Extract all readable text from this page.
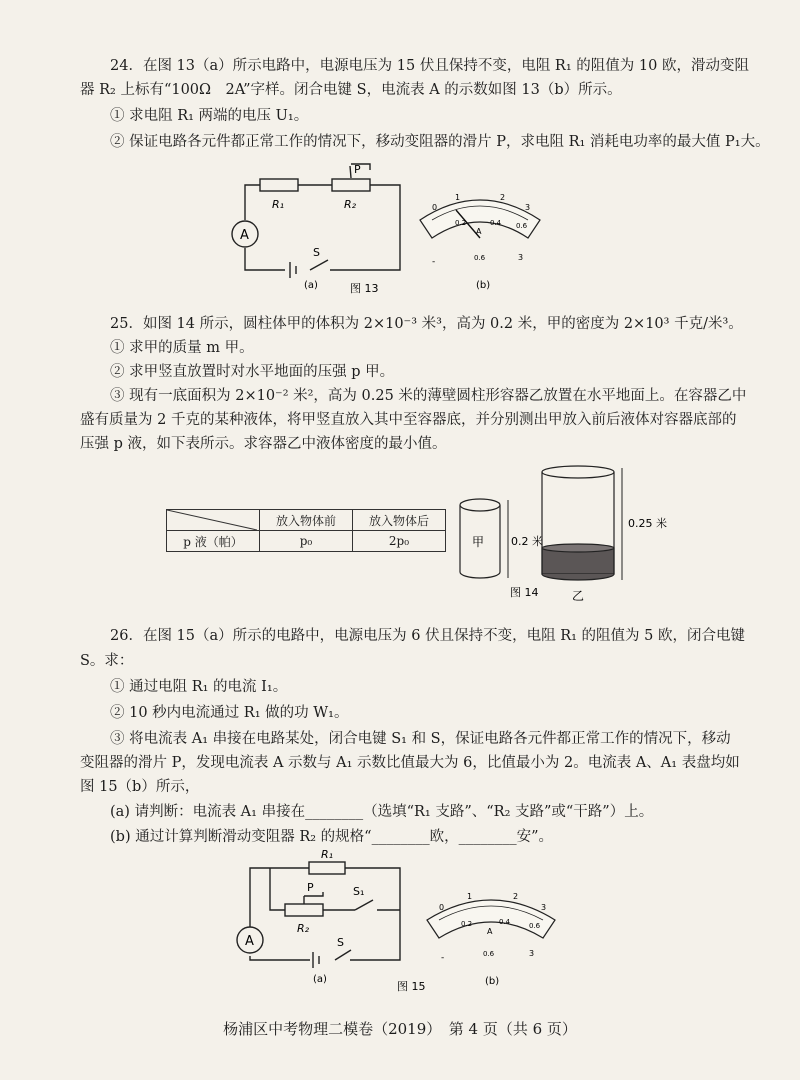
24．在图 13（a）所示电路中，电源电压为 15 伏且保持不变，电阻 R₁ 的阻值为 10 欧，滑动变阻
器 R₂ 上标有“100Ω　2A”字样。闭合电键 S，电流表 A 的示数如图 13（b）所示。
① 求电阻 R₁ 两端的电压 U₁。
② 保证电路各元件都正常工作的情况下，移动变阻器的滑片 P，求电阻 R₁ 消耗电功率的最大值 P₁大。
A
P
R₁	R₂
S
(a)	图 13
0
1	2
3
0.2	0.4 0.6
A
-	0.6	3
(b)
25．如图 14 所示，圆柱体甲的体积为 2×10⁻³ 米³，高为 0.2 米，甲的密度为 2×10³ 千克/米³。
① 求甲的质量 m 甲。
② 求甲竖直放置时对水平地面的压强 p 甲。
③ 现有一底面积为 2×10⁻² 米²，高为 0.25 米的薄壁圆柱形容器乙放置在水平地面上。在容器乙中
盛有质量为 2 千克的某种液体，将甲竖直放入其中至容器底，并分别测出甲放入前后液体对容器底部的
压强 p 液，如下表所示。求容器乙中液体密度的最小值。
	放入物体前	放入物体后
p 液（帕）	p₀	2p₀	甲 0.2 米
0.25 米
图 14	乙
26．在图 15（a）所示的电路中，电源电压为 6 伏且保持不变，电阻 R₁ 的阻值为 5 欧，闭合电键
S。求：
① 通过电阻 R₁ 的电流 I₁。
② 10 秒内电流通过 R₁ 做的功 W₁。
③ 将电流表 A₁ 串接在电路某处，闭合电键 S₁ 和 S，保证电路各元件都正常工作的情况下，移动
变阻器的滑片 P，发现电流表 A 示数与 A₁ 示数比值最大为 6，比值最小为 2。电流表 A、A₁ 表盘均如
图 15（b）所示，
(a) 请判断：电流表 A₁ 串接在________（选填“R₁ 支路”、“R₂ 支路”或“干路”）上。
(b) 通过计算判断滑动变阻器 R₂ 的规格“________欧，________安”。
A
R₁
P	S₁
R₂
S
(a)
图 15
0
1	2
3
0.2	0.4	0.6
A
-	0.6	3
(b)
杨浦区中考物理二模卷（2019）　第 4 页（共 6 页）
